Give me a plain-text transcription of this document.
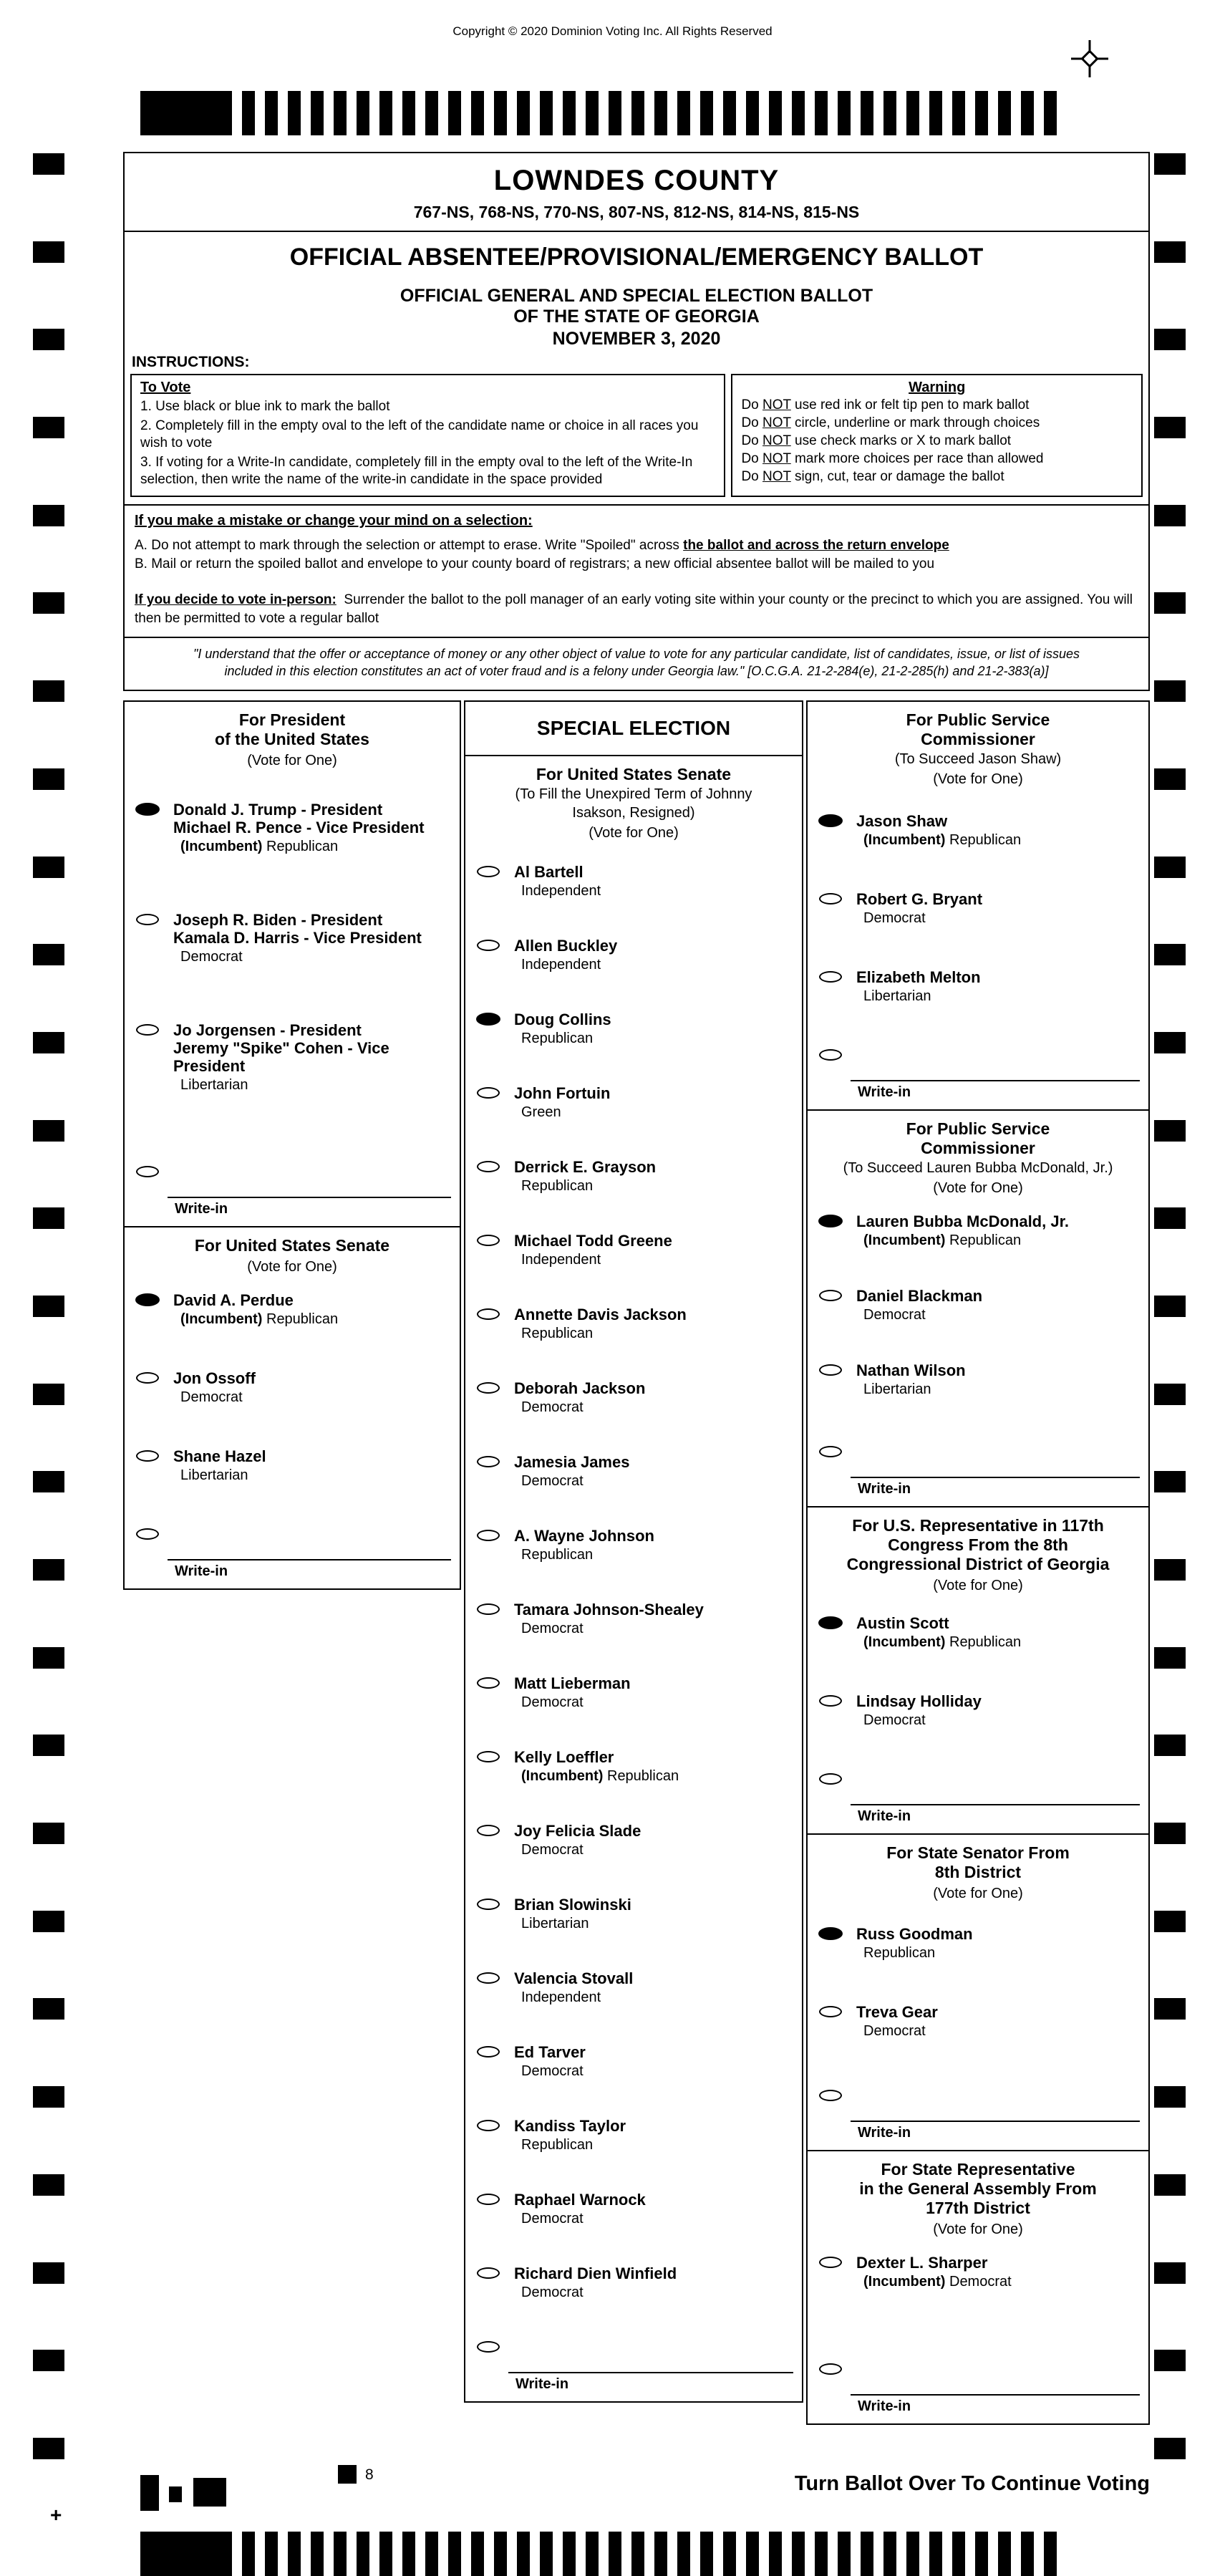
Copyright © 2020 Dominion Voting Inc. All Rights Reserved
LOWNDES COUNTY
767-NS, 768-NS, 770-NS, 807-NS, 812-NS, 814-NS, 815-NS
OFFICIAL ABSENTEE/PROVISIONAL/EMERGENCY BALLOT
OFFICIAL GENERAL AND SPECIAL ELECTION BALLOT
OF THE STATE OF GEORGIA
NOVEMBER 3, 2020
INSTRUCTIONS:
To Vote
1. Use black or blue ink to mark the ballot
2. Completely fill in the empty oval to the left of the candidate name or choice in all races you wish to vote
3. If voting for a Write-In candidate, completely fill in the empty oval to the left of the Write-In selection, then write the name of the write-in candidate in the space provided
Warning
Do NOT use red ink or felt tip pen to mark ballot
Do NOT circle, underline or mark through choices
Do NOT use check marks or X to mark ballot
Do NOT mark more choices per race than allowed
Do NOT sign, cut, tear or damage the ballot
If you make a mistake or change your mind on a selection:
A. Do not attempt to mark through the selection or attempt to erase. Write "Spoiled" across the ballot and across the return envelope
B. Mail or return the spoiled ballot and envelope to your county board of registrars; a new official absentee ballot will be mailed to you
If you decide to vote in-person: Surrender the ballot to the poll manager of an early voting site within your county or the precinct to which you are assigned. You will then be permitted to vote a regular ballot
"I understand that the offer or acceptance of money or any other object of value to vote for any particular candidate, list of candidates, issue, or list of issues included in this election constitutes an act of voter fraud and is a felony under Georgia law." [O.C.G.A. 21-2-284(e), 21-2-285(h) and 21-2-383(a)]
For President
of the United States
(Vote for One)
Donald J. Trump - President
Michael R. Pence - Vice President
(Incumbent) Republican
Joseph R. Biden - President
Kamala D. Harris - Vice President
Democrat
Jo Jorgensen - President
Jeremy "Spike" Cohen - Vice President
Libertarian
Write-in
For United States Senate
(Vote for One)
David A. Perdue
(Incumbent) Republican
Jon Ossoff
Democrat
Shane Hazel
Libertarian
Write-in
SPECIAL ELECTION
For United States Senate
(To Fill the Unexpired Term of Johnny
Isakson, Resigned)
(Vote for One)
Al Bartell
Independent
Allen Buckley
Independent
Doug Collins
Republican
John Fortuin
Green
Derrick E. Grayson
Republican
Michael Todd Greene
Independent
Annette Davis Jackson
Republican
Deborah Jackson
Democrat
Jamesia James
Democrat
A. Wayne Johnson
Republican
Tamara Johnson-Shealey
Democrat
Matt Lieberman
Democrat
Kelly Loeffler
(Incumbent) Republican
Joy Felicia Slade
Democrat
Brian Slowinski
Libertarian
Valencia Stovall
Independent
Ed Tarver
Democrat
Kandiss Taylor
Republican
Raphael Warnock
Democrat
Richard Dien Winfield
Democrat
Write-in
For Public Service
Commissioner
(To Succeed Jason Shaw)
(Vote for One)
Jason Shaw
(Incumbent) Republican
Robert G. Bryant
Democrat
Elizabeth Melton
Libertarian
Write-in
For Public Service
Commissioner
(To Succeed Lauren Bubba McDonald, Jr.)
(Vote for One)
Lauren Bubba McDonald, Jr.
(Incumbent) Republican
Daniel Blackman
Democrat
Nathan Wilson
Libertarian
Write-in
For U.S. Representative in 117th
Congress From the 8th
Congressional District of Georgia
(Vote for One)
Austin Scott
(Incumbent) Republican
Lindsay Holliday
Democrat
Write-in
For State Senator From
8th District
(Vote for One)
Russ Goodman
Republican
Treva Gear
Democrat
Write-in
For State Representative
in the General Assembly From
177th District
(Vote for One)
Dexter L. Sharper
(Incumbent) Democrat
Write-in
8	Turn Ballot Over To Continue Voting
+
